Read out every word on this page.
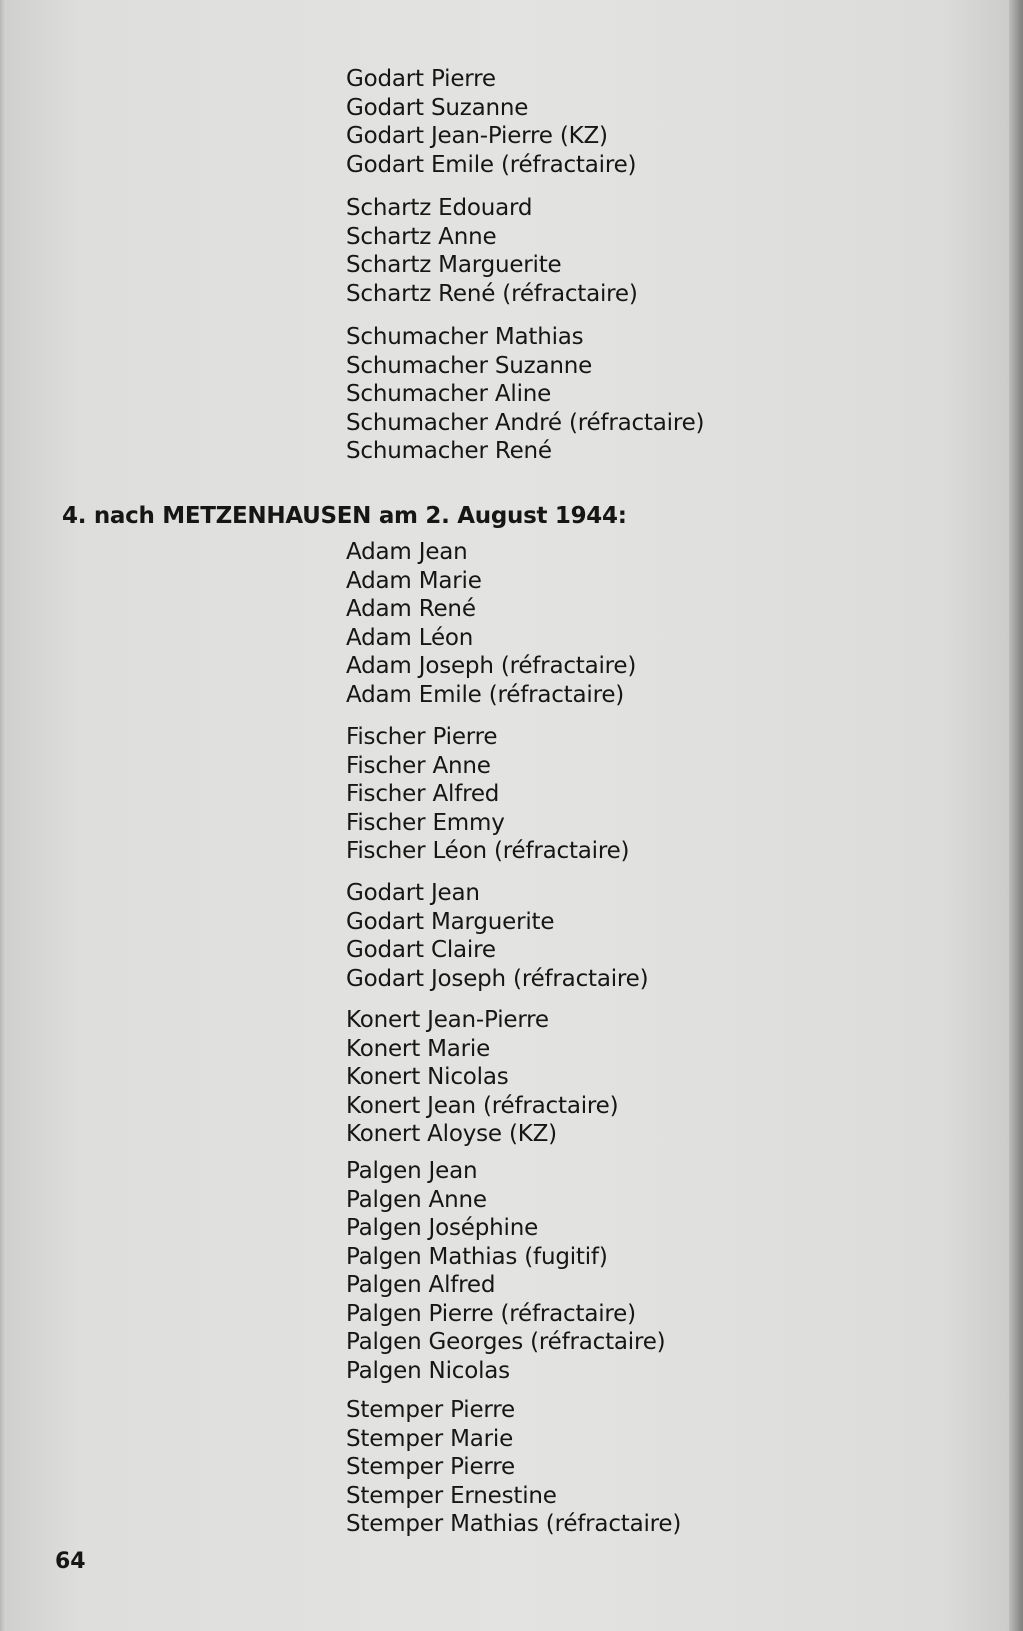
Godart Pierre
Godart Suzanne
Godart Jean-Pierre (KZ)
Godart Emile (réfractaire)
Schartz Edouard
Schartz Anne
Schartz Marguerite
Schartz René (réfractaire)
Schumacher Mathias
Schumacher Suzanne
Schumacher Aline
Schumacher André (réfractaire)
Schumacher René
4. nach METZENHAUSEN am 2. August 1944:
Adam Jean
Adam Marie
Adam René
Adam Léon
Adam Joseph (réfractaire)
Adam Emile (réfractaire)
Fischer Pierre
Fischer Anne
Fischer Alfred
Fischer Emmy
Fischer Léon (réfractaire)
Godart Jean
Godart Marguerite
Godart Claire
Godart Joseph (réfractaire)
Konert Jean-Pierre
Konert Marie
Konert Nicolas
Konert Jean (réfractaire)
Konert Aloyse (KZ)
Palgen Jean
Palgen Anne
Palgen Joséphine
Palgen Mathias (fugitif)
Palgen Alfred
Palgen Pierre (réfractaire)
Palgen Georges (réfractaire)
Palgen Nicolas
Stemper Pierre
Stemper Marie
Stemper Pierre
Stemper Ernestine
Stemper Mathias (réfractaire)
64
